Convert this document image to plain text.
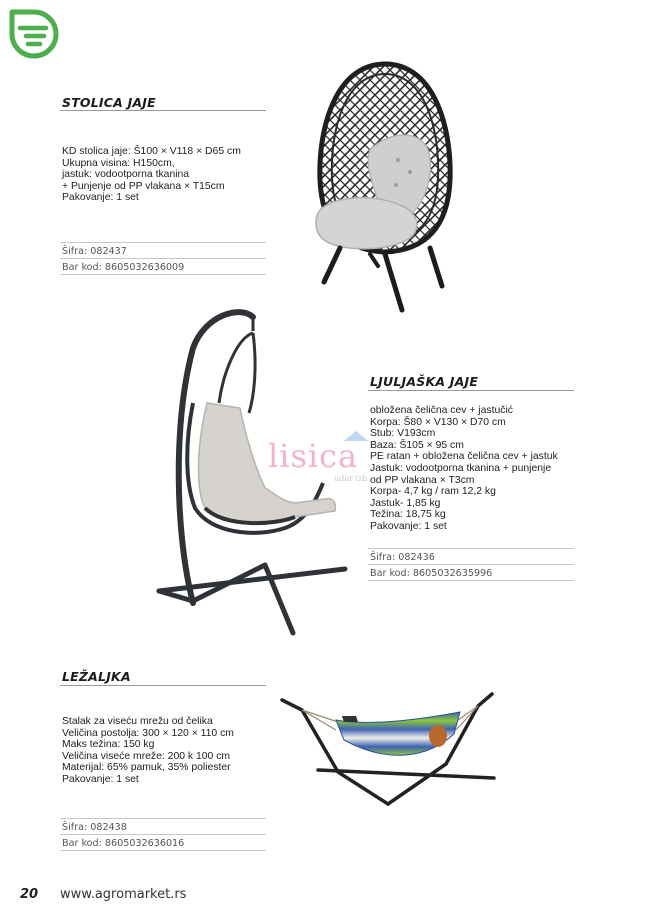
STOLICA JAJE
KD stolica jaje: Š100 × V118 × D65 cm
Ukupna visina: H150cm,
jastuk: vodootporna tkanina
+ Punjenje od PP vlakana × T15cm
Pakovanje: 1 set
Šifra: 082437
Bar kod: 8605032636009
LJULJAŠKA JAJE
obložena čelična cev + jastučić
Korpa: Š80 × V130 × D70 cm
Stub: V193cm
Baza: Š105 × 95 cm
PE ratan + obložena čelična cev + jastuk
Jastuk: vodootporna tkanina + punjenje
od PP vlakana × T3cm
Korpa- 4,7 kg / ram 12,2 kg
Jastuk- 1,85 kg
Težina: 18,75 kg
Pakovanje: 1 set
Šifra: 082436
Bar kod: 8605032635996
lisica
udar izb
LEŽALJKA
Stalak za viseću mrežu od čelika
Veličina postolja: 300 × 120 × 110 cm
Maks težina: 150 kg
Veličina viseće mreže: 200 k 100 cm
Materijal: 65% pamuk, 35% poliester
Pakovanje: 1 set
Šifra: 082438
Bar kod: 8605032636016
20 www.agromarket.rs
